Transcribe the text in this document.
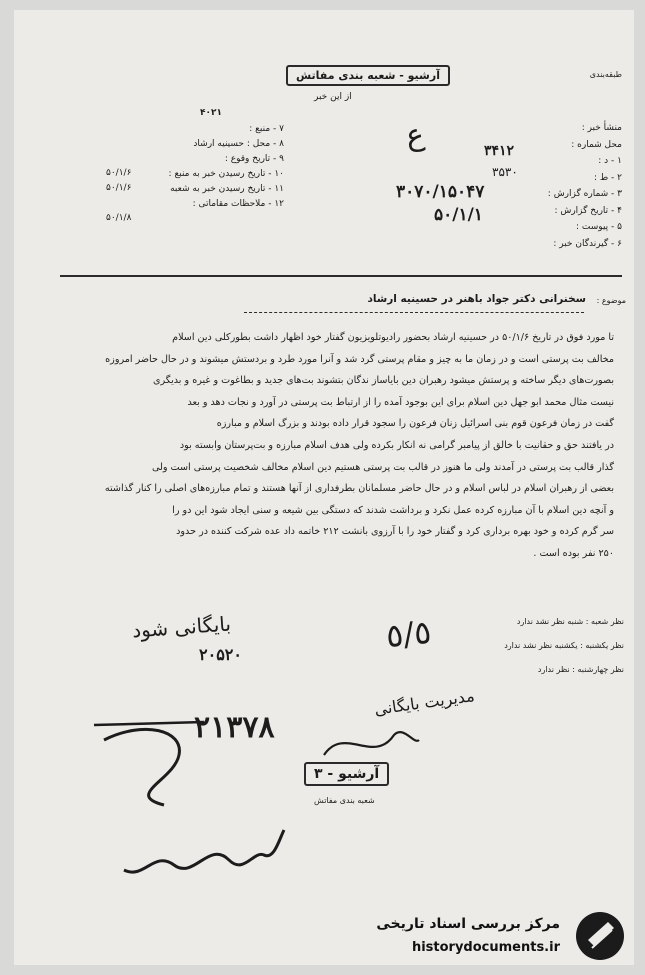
آرشیو - شعبه بندی مفاتش
از این خبر
طبقه‌بندی
۴۰۲۱
منشأ خبر :
محل شماره :
۱ - د :
۲ - ط :
۳ - شماره گزارش :
۴ - تاریخ گزارش :
۵ - پیوست :
۶ - گیرندگان خبر :
ع	۳۴۱۲
۳۵۳۰
۳۰۷۰/۱۵۰۴۷
۵۰/۱/۱
۷ - منبع :
۸ - محل : حسینیه ارشاد
۹ - تاریخ وقوع :
۱۰ - تاریخ رسیدن خبر به منبع :
۱۱ - تاریخ رسیدن خبر به شعبه
۱۲ - ملاحظات مقاماتی :
۵۰/۱/۶
۵۰/۱/۶
۵۰/۱/۸
موضوع :
سخنرانی دکتر جواد باهنر در حسینیه ارشاد
تا مورد فوق در تاریخ ۵۰/۱/۶ در حسینیه ارشاد بحضور رادیوتلویزیون گفتار خود اظهار داشت بطورکلی دین اسلام
مخالف بت پرستی است و در زمان ما به چیز و مقام پرستی گرد شد و آنرا مورد طرد و بردستش میشوند و در حال حاضر امروزه
بصورت‌های دیگر ساخته و پرستش میشود رهبران دین بایاساز ندگان بتشوند بت‌های جدید و بطاغوت و غیره و بدیگری
نیست مثال محمد ابو جهل دین اسلام برای این بوجود آمده را از ارتباط بت پرستی در آورد و نجات دهد و بعد
گفت در زمان فرعون قوم بنی اسرائیل زنان فرعون را سجود قرار داده بودند و بزرگ اسلام و مبارزه
در یافتند حق و حقانیت با خالق از پیامبر گرامی نه انکار بکرده ولی هدف اسلام مبارزه و بت‌پرستان وابسته بود
گذار قالب بت پرستی در آمدند ولی ما هنوز در قالب بت پرستی هستیم دین اسلام مخالف شخصیت پرستی است ولی
بعضی از رهبران اسلام در لباس اسلام و در حال حاضر مسلمانان بطرفداری از آنها هستند و تمام مبارزه‌های اصلی را کنار گذاشته
و آنچه دین اسلام با آن مبارزه کرده عمل نکرد و برداشت شدند که دستگی بین شیعه و سنی ایجاد شود این دو را
سر گرم کرده و خود بهره برداری کرد و گفتار خود را با آرزوی بانشت ۲۱۲ خاتمه داد عده شرکت کننده در حدود
۲۵۰ نفر بوده است .
نظر شعبه : شنبه نظر نشد ندارد
نظر یکشنبه : یکشنبه نظر نشد ندارد
نظر چهارشنبه : نظر ندارد
٥/٥
بایگانی شود
۲۰۵۲۰
۲۱۳۷۸
مدیریت بایگانی
آرشیو - ۳
شعبه بندی مفاتش
مرکز بررسی اسناد تاریخی
historydocuments.ir
